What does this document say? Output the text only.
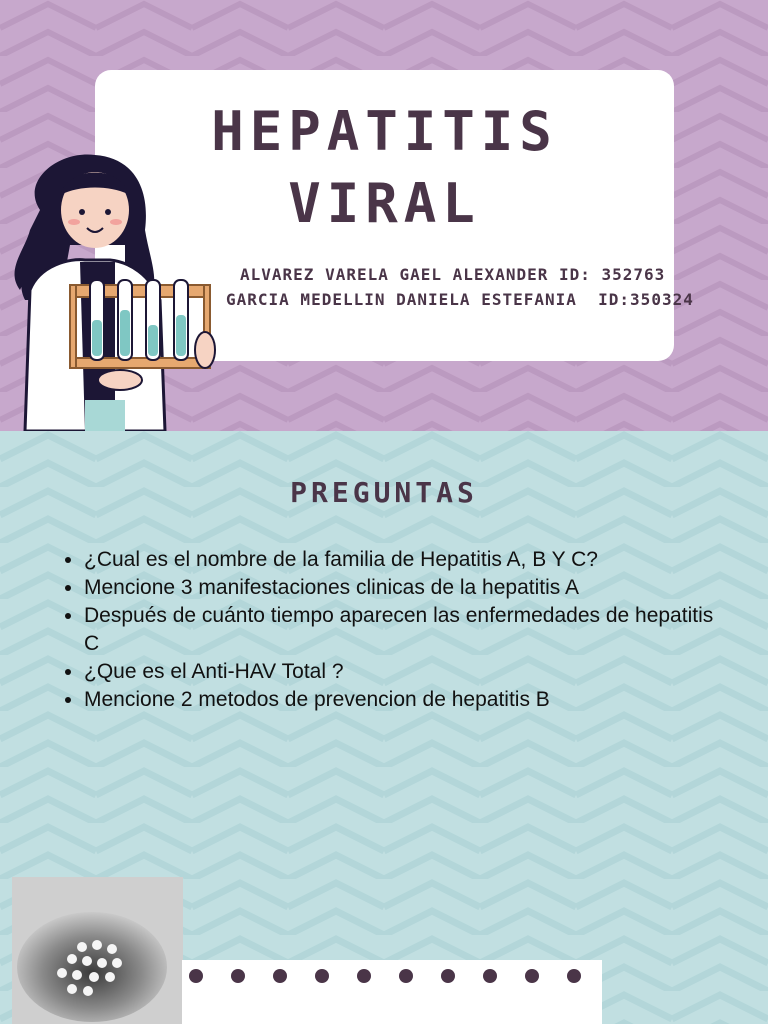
HEPATITIS
VIRAL
ALVAREZ VARELA GAEL ALEXANDER ID: 352763
GARCIA MEDELLIN DANIELA ESTEFANIA  ID:350324
PREGUNTAS
• ¿Cual es el nombre de la familia de Hepatitis A, B Y C?
• Mencione 3 manifestaciones clinicas de la hepatitis A
• Después de cuánto tiempo aparecen las enfermedades de hepatitis C
• ¿Que es el Anti-HAV Total ?
• Mencione 2 metodos de prevencion de hepatitis B
